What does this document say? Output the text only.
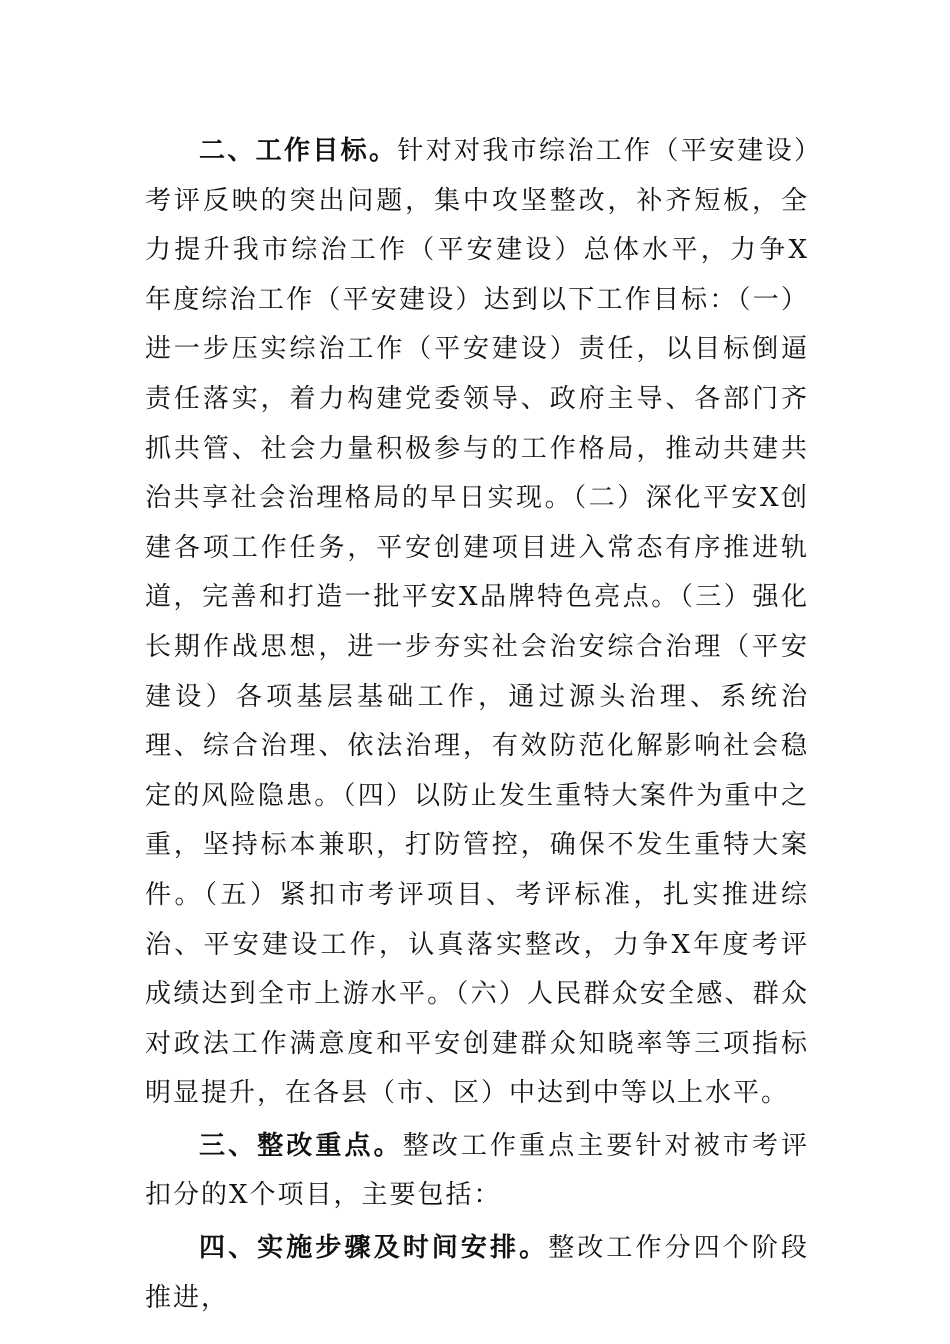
二、工作目标。针对对我市综治工作（平安建设）考评反映的突出问题，集中攻坚整改，补齐短板，全力提升我市综治工作（平安建设）总体水平，力争X年度综治工作（平安建设）达到以下工作目标：（一）进一步压实综治工作（平安建设）责任，以目标倒逼责任落实，着力构建党委领导、政府主导、各部门齐抓共管、社会力量积极参与的工作格局，推动共建共治共享社会治理格局的早日实现。（二）深化平安X创建各项工作任务，平安创建项目进入常态有序推进轨道，完善和打造一批平安X品牌特色亮点。（三）强化长期作战思想，进一步夯实社会治安综合治理（平安建设）各项基层基础工作，通过源头治理、系统治理、综合治理、依法治理，有效防范化解影响社会稳定的风险隐患。（四）以防止发生重特大案件为重中之重，坚持标本兼职，打防管控，确保不发生重特大案件。（五）紧扣市考评项目、考评标准，扎实推进综治、平安建设工作，认真落实整改，力争X年度考评成绩达到全市上游水平。（六）人民群众安全感、群众对政法工作满意度和平安创建群众知晓率等三项指标明显提升，在各县（市、区）中达到中等以上水平。

三、整改重点。整改工作重点主要针对被市考评扣分的X个项目，主要包括：

四、实施步骤及时间安排。整改工作分四个阶段推进，
